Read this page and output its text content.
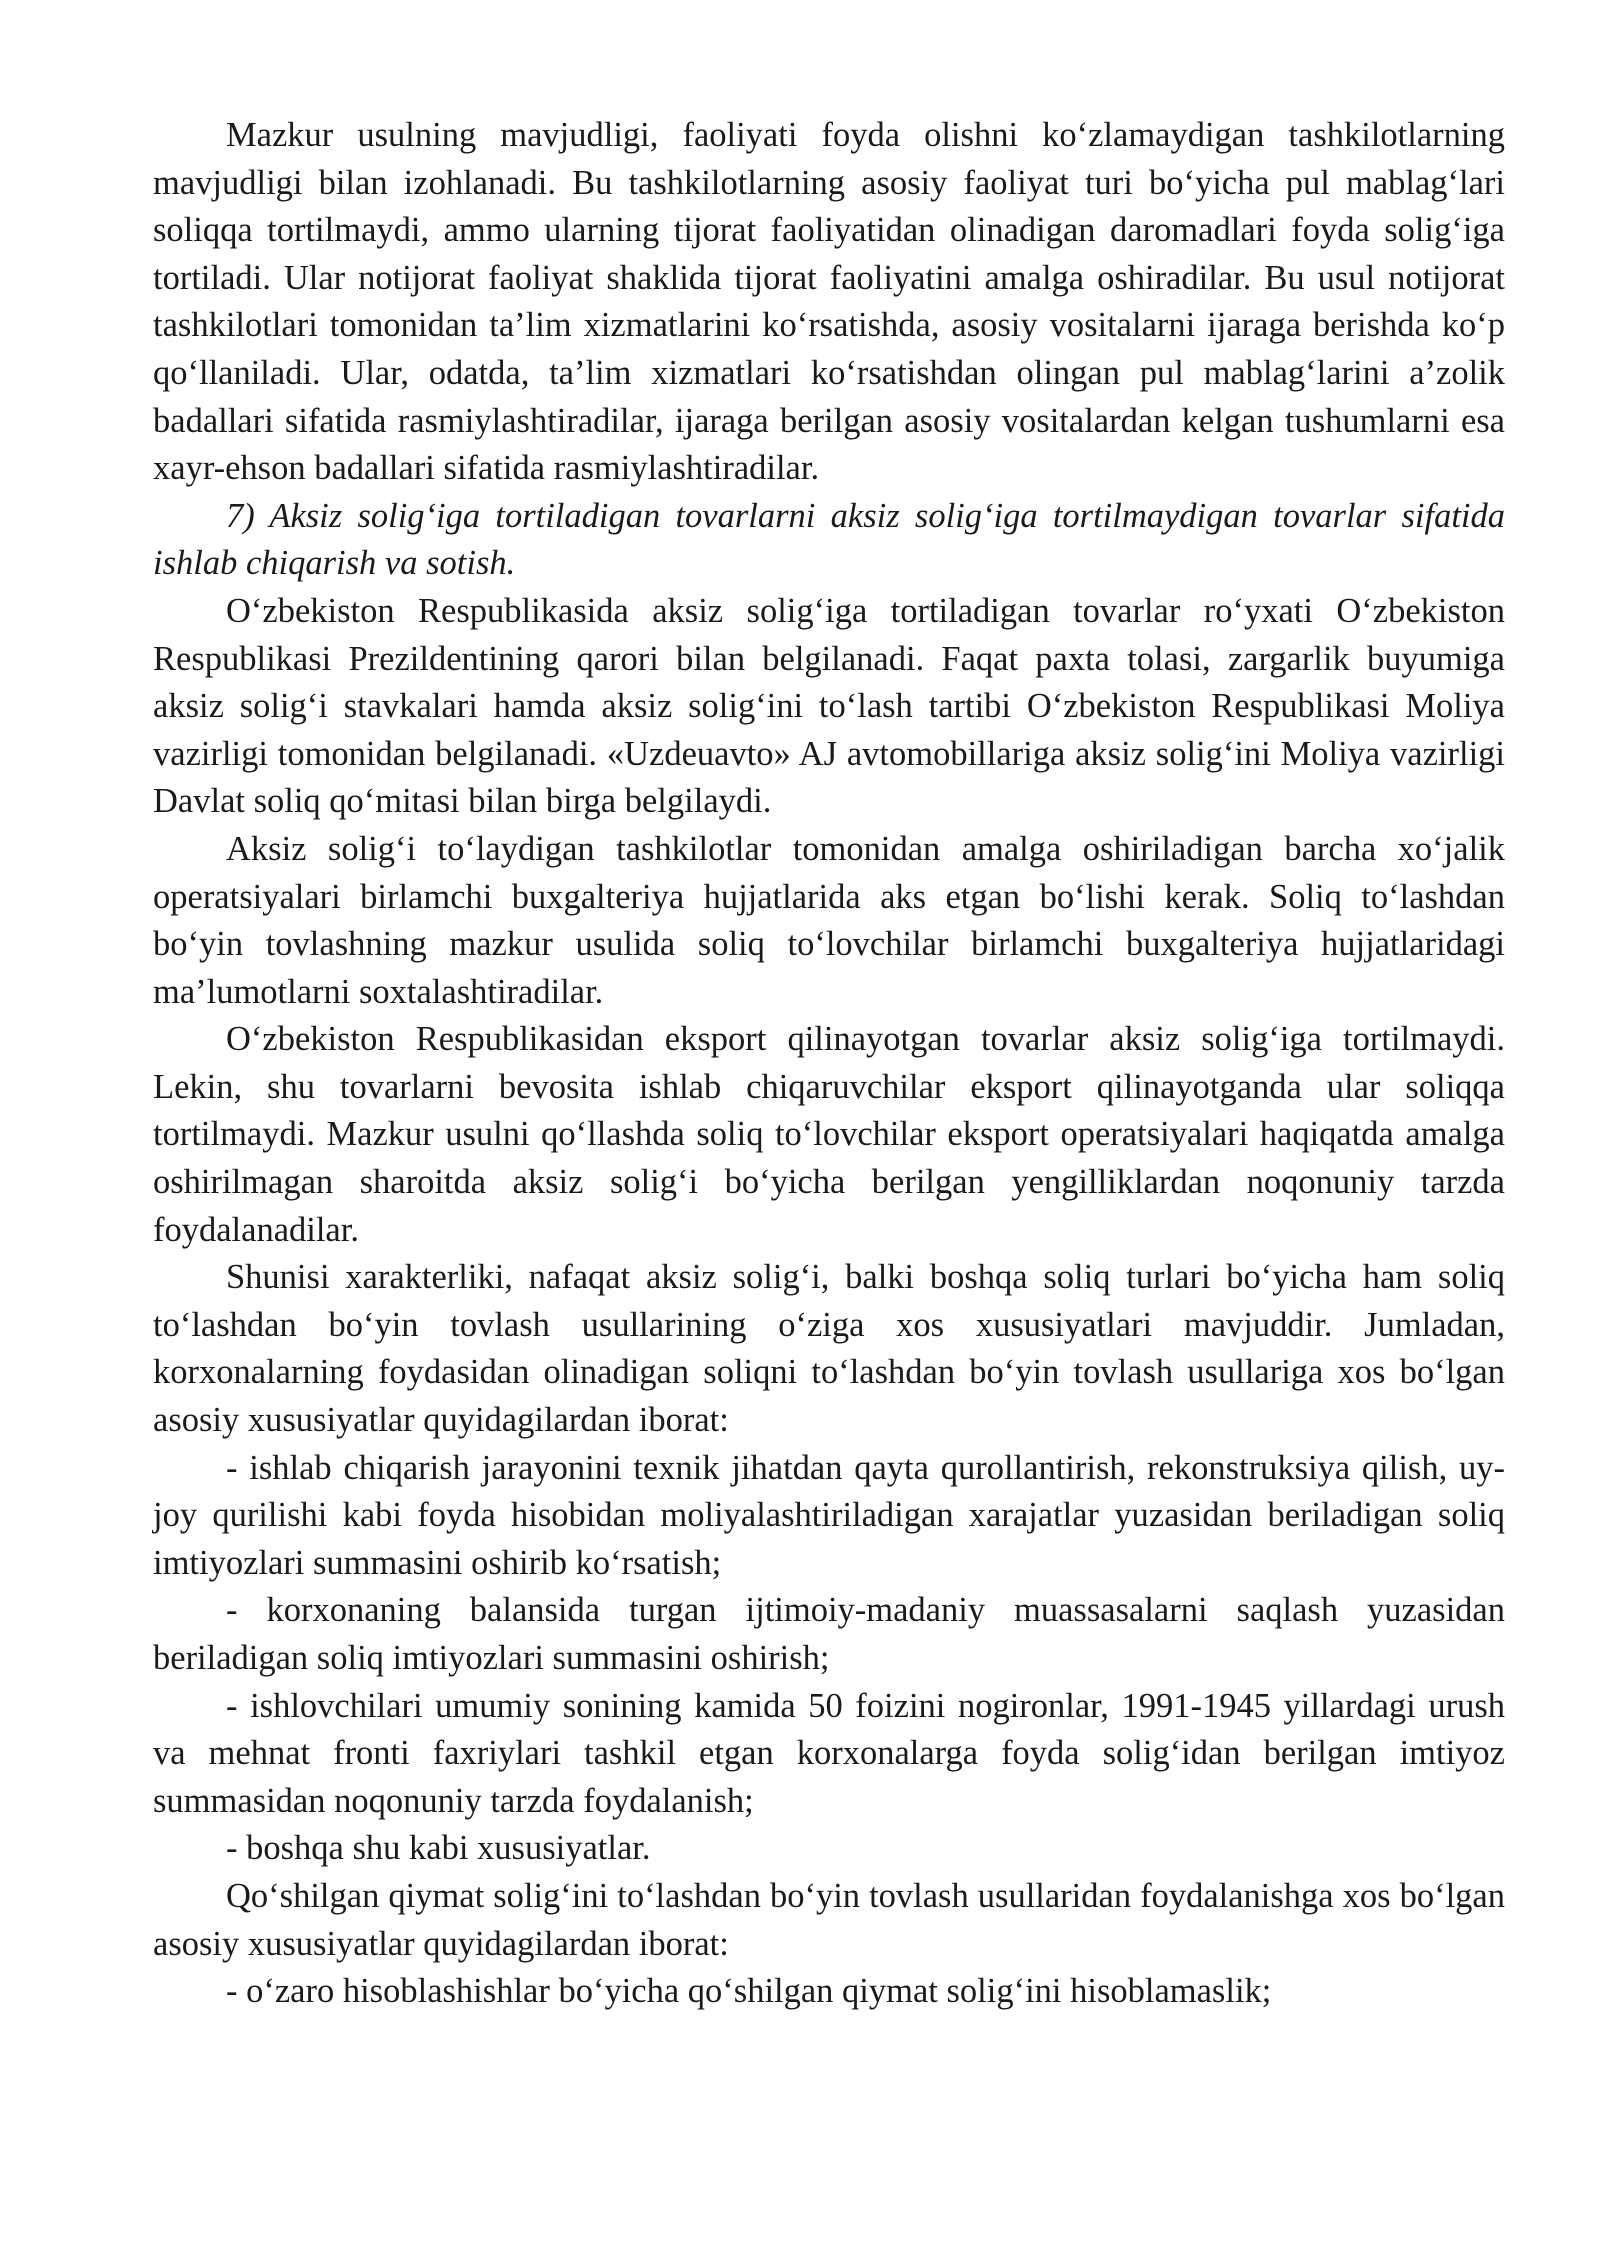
Mazkur usulning mavjudligi, faoliyati foyda olishni ko‘zlamaydigan tashkilotlarning mavjudligi bilan izohlanadi. Bu tashkilotlarning asosiy faoliyat turi bo‘yicha pul mablag‘lari soliqqa tortilmaydi, ammo ularning tijorat faoliyatidan olinadigan daromadlari foyda solig‘iga tortiladi. Ular notijorat faoliyat shaklida tijorat faoliyatini amalga oshiradilar. Bu usul notijorat tashkilotlari tomonidan ta’lim xizmatlarini ko‘rsatishda, asosiy vositalarni ijaraga berishda ko‘p qo‘llaniladi. Ular, odatda, ta’lim xizmatlari ko‘rsatishdan olingan pul mablag‘larini a’zolik badallari sifatida rasmiylashtiradilar, ijaraga berilgan asosiy vositalardan kelgan tushumlarni esa xayr-ehson badallari sifatida rasmiylashtiradilar.

7) Aksiz solig‘iga tortiladigan tovarlarni aksiz solig‘iga tortilmaydigan tovarlar sifatida ishlab chiqarish va sotish.

O‘zbekiston Respublikasida aksiz solig‘iga tortiladigan tovarlar ro‘yxati O‘zbekiston Respublikasi Prezildentining qarori bilan belgilanadi. Faqat paxta tolasi, zargarlik buyumiga aksiz solig‘i stavkalari hamda aksiz solig‘ini to‘lash tartibi O‘zbekiston Respublikasi Moliya vazirligi tomonidan belgilanadi. «Uzdeuavto» AJ avtomobillariga aksiz solig‘ini Moliya vazirligi Davlat soliq qo‘mitasi bilan birga belgilaydi.

Aksiz solig‘i to‘laydigan tashkilotlar tomonidan amalga oshiriladigan barcha xo‘jalik operatsiyalari birlamchi buxgalteriya hujjatlarida aks etgan bo‘lishi kerak. Soliq to‘lashdan bo‘yin tovlashning mazkur usulida soliq to‘lovchilar birlamchi buxgalteriya hujjatlaridagi ma’lumotlarni soxtalashtiradilar.

O‘zbekiston Respublikasidan eksport qilinayotgan tovarlar aksiz solig‘iga tortilmaydi. Lekin, shu tovarlarni bevosita ishlab chiqaruvchilar eksport qilinayotganda ular soliqqa tortilmaydi. Mazkur usulni qo‘llashda soliq to‘lovchilar eksport operatsiyalari haqiqatda amalga oshirilmagan sharoitda aksiz solig‘i bo‘yicha berilgan yengilliklardan noqonuniy tarzda foydalanadilar.

Shunisi xarakterliki, nafaqat aksiz solig‘i, balki boshqa soliq turlari bo‘yicha ham soliq to‘lashdan bo‘yin tovlash usullarining o‘ziga xos xususiyatlari mavjuddir. Jumladan, korxonalarning foydasidan olinadigan soliqni to‘lashdan bo‘yin tovlash usullariga xos bo‘lgan asosiy xususiyatlar quyidagilardan iborat:

- ishlab chiqarish jarayonini texnik jihatdan qayta qurollantirish, rekonstruksiya qilish, uy-joy qurilishi kabi foyda hisobidan moliyalashtiriladigan xarajatlar yuzasidan beriladigan soliq imtiyozlari summasini oshirib ko‘rsatish;

- korxonaning balansida turgan ijtimoiy-madaniy muassasalarni saqlash yuzasidan beriladigan soliq imtiyozlari summasini oshirish;

- ishlovchilari umumiy sonining kamida 50 foizini nogironlar, 1991-1945 yillardagi urush va mehnat fronti faxriylari tashkil etgan korxonalarga foyda solig‘idan berilgan imtiyoz summasidan noqonuniy tarzda foydalanish;

- boshqa shu kabi xususiyatlar.

Qo‘shilgan qiymat solig‘ini to‘lashdan bo‘yin tovlash usullaridan foydalanishga xos bo‘lgan asosiy xususiyatlar quyidagilardan iborat:

- o‘zaro hisoblashishlar bo‘yicha qo‘shilgan qiymat solig‘ini hisoblamaslik;
